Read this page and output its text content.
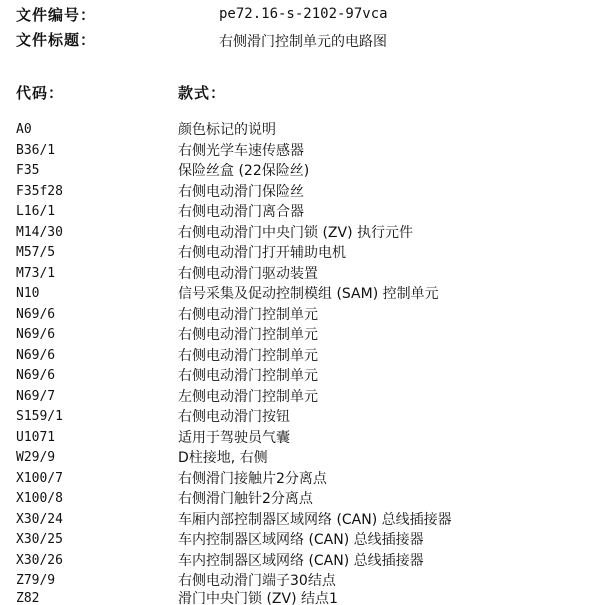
文件编号：	pe72.16-s-2102-97vca
文件标题：	右侧滑门控制单元的电路图
代码：	款式：
A0	颜色标记的说明
B36/1	右侧光学车速传感器
F35	保险丝盒 (22保险丝)
F35f28	右侧电动滑门保险丝
L16/1	右侧电动滑门离合器
M14/30	右侧电动滑门中央门锁 (ZV) 执行元件
M57/5	右侧电动滑门打开辅助电机
M73/1	右侧电动滑门驱动装置
N10	信号采集及促动控制模组 (SAM) 控制单元
N69/6	右侧电动滑门控制单元
N69/6	右侧电动滑门控制单元
N69/6	右侧电动滑门控制单元
N69/6	右侧电动滑门控制单元
N69/7	左侧电动滑门控制单元
S159/1	右侧电动滑门按钮
U1071	适用于驾驶员气囊
W29/9	D柱接地, 右侧
X100/7	右侧滑门接触片2分离点
X100/8	右侧滑门触针2分离点
X30/24	车厢内部控制器区域网络 (CAN) 总线插接器
X30/25	车内控制器区域网络 (CAN) 总线插接器
X30/26	车内控制器区域网络 (CAN) 总线插接器
Z79/9	右侧电动滑门端子30结点
Z82	滑门中央门锁 (ZV) 结点1
